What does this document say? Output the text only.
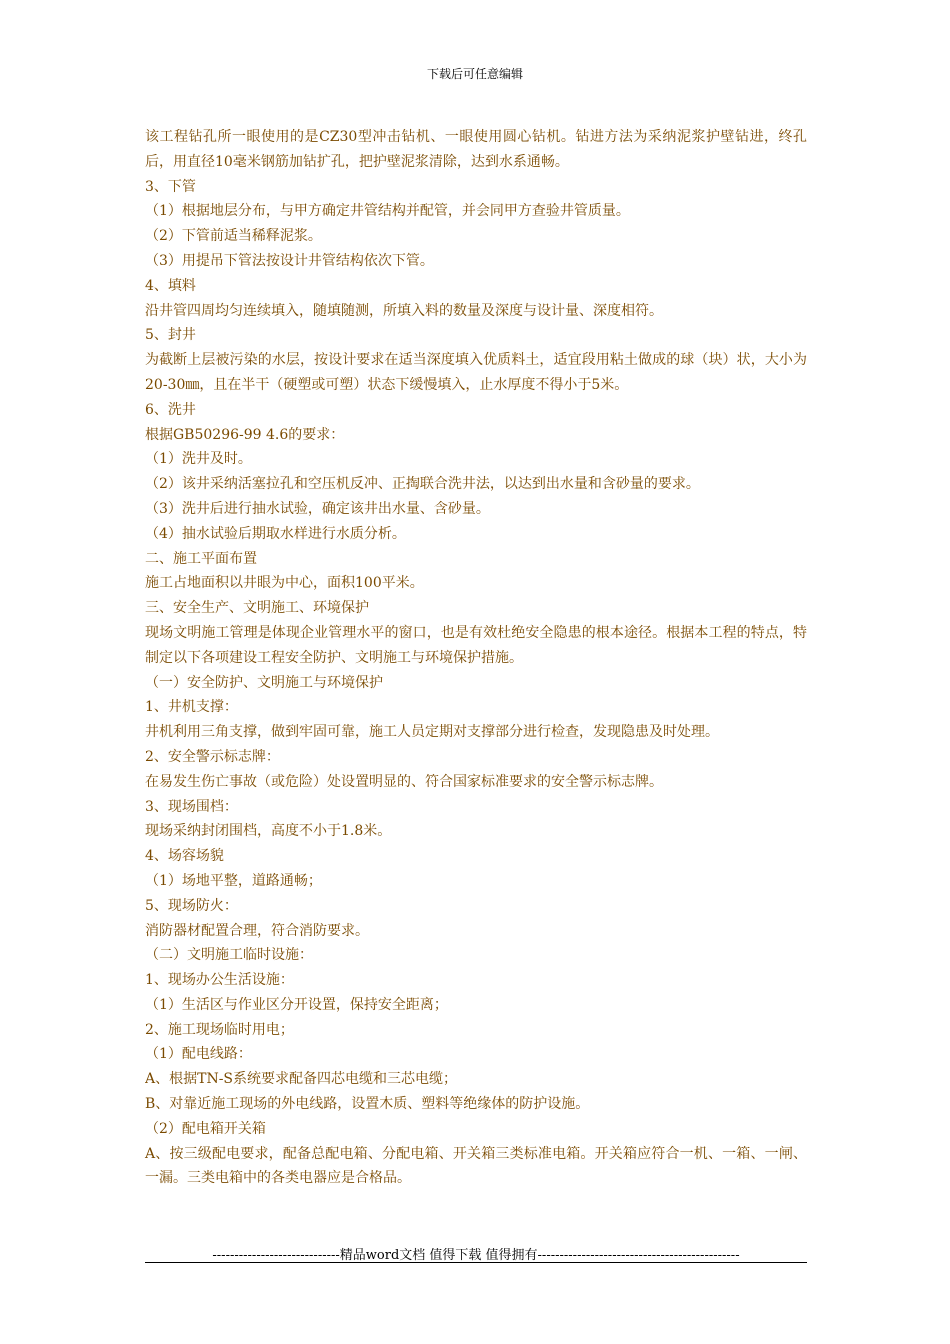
下载后可任意编辑
该工程钻孔所一眼使用的是CZ30型冲击钻机、一眼使用圆心钻机。钻进方法为采纳泥浆护壁钻进，终孔后，用直径10毫米钢筋加钻扩孔，把护壁泥浆清除，达到水系通畅。
3、下管
（1）根据地层分布，与甲方确定井管结构并配管，并会同甲方查验井管质量。
（2）下管前适当稀释泥浆。
（3）用提吊下管法按设计井管结构依次下管。
4、填料
沿井管四周均匀连续填入，随填随测，所填入料的数量及深度与设计量、深度相符。
5、封井
为截断上层被污染的水层，按设计要求在适当深度填入优质料土，适宜段用粘土做成的球（块）状，大小为20-30㎜，且在半干（硬塑或可塑）状态下缓慢填入，止水厚度不得小于5米。
6、洗井
根据GB50296-99 4.6的要求：
（1）洗井及时。
（2）该井采纳活塞拉孔和空压机反冲、正掏联合洗井法，以达到出水量和含砂量的要求。
（3）洗井后进行抽水试验，确定该井出水量、含砂量。
（4）抽水试验后期取水样进行水质分析。
二、施工平面布置
施工占地面积以井眼为中心，面积100平米。
三、安全生产、文明施工、环境保护
现场文明施工管理是体现企业管理水平的窗口，也是有效杜绝安全隐患的根本途径。根据本工程的特点，特制定以下各项建设工程安全防护、文明施工与环境保护措施。
（一）安全防护、文明施工与环境保护
1、井机支撑：
井机利用三角支撑，做到牢固可靠，施工人员定期对支撑部分进行检查，发现隐患及时处理。
2、安全警示标志牌：
在易发生伤亡事故（或危险）处设置明显的、符合国家标准要求的安全警示标志牌。
3、现场围档：
现场采纳封闭围档，高度不小于1.8米。
4、场容场貌
（1）场地平整，道路通畅；
5、现场防火：
消防器材配置合理，符合消防要求。
（二）文明施工临时设施：
1、现场办公生活设施：
（1）生活区与作业区分开设置，保持安全距离；
2、施工现场临时用电；
（1）配电线路：
A、根据TN-S系统要求配备四芯电缆和三芯电缆；
B、对靠近施工现场的外电线路，设置木质、塑料等绝缘体的防护设施。
（2）配电箱开关箱
A、按三级配电要求，配备总配电箱、分配电箱、开关箱三类标准电箱。开关箱应符合一机、一箱、一闸、一漏。三类电箱中的各类电器应是合格品。
-----------------------------精品word文档 值得下载 值得拥有----------------------------------------------
